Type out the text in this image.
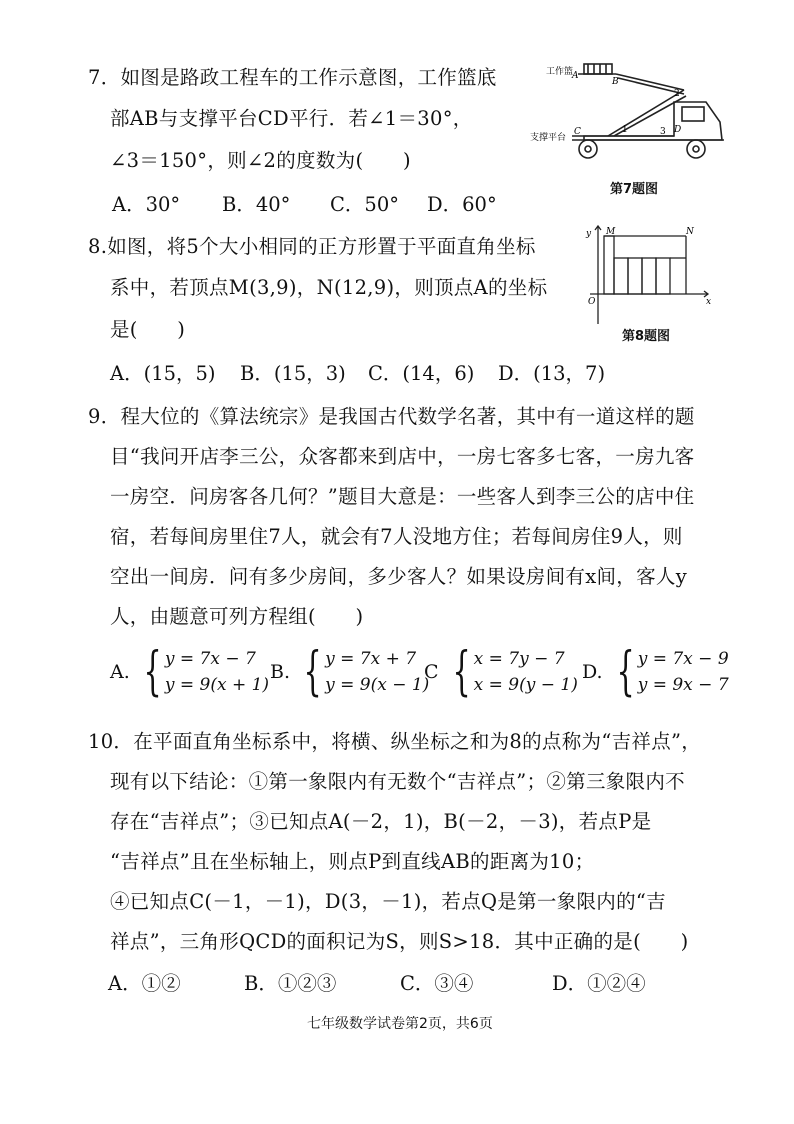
7．如图是路政工程车的工作示意图，工作篮底
部AB与支撑平台CD平行．若∠1＝30°，
∠3＝150°，则∠2的度数为(　　)
A．30° B．40° C．50° D．60°
工作篮
A
B
支撑平台
C	D
1
2
3
第7题图
8.如图，将5个大小相同的正方形置于平面直角坐标
系中，若顶点M(3,9)，N(12,9)，则顶点A的坐标
是(　　)
A．(15，5) B．(15，3) C．(14，6) D．(13，7)
y
x
M	N
O
第8题图
9．程大位的《算法统宗》是我国古代数学名著，其中有一道这样的题
目“我问开店李三公，众客都来到店中，一房七客多七客，一房九客
一房空．问房客各几何？”题目大意是：一些客人到李三公的店中住
宿，若每间房里住7人，就会有7人没地方住；若每间房住9人，则
空出一间房．问有多少房间，多少客人？如果设房间有x间，客人y
人，由题意可列方程组(　　)
A. { y = 7x − 7
y = 9(x + 1)
B. { y = 7x + 7
y = 9(x − 1)
C { x = 7y − 7
x = 9(y − 1)
D. { y = 7x − 9
y = 9x − 7
10．在平面直角坐标系中，将横、纵坐标之和为8的点称为“吉祥点”，
现有以下结论：①第一象限内有无数个“吉祥点”；②第三象限内不
存在“吉祥点”；③已知点A(－2，1)，B(－2，－3)，若点P是
“吉祥点”且在坐标轴上，则点P到直线AB的距离为10；
④已知点C(－1，－1)，D(3，－1)，若点Q是第一象限内的“吉
祥点”，三角形QCD的面积记为S，则S>18．其中正确的是(　　)
A．①②	B．①②③	C．③④	D．①②④
七年级数学试卷第2页，共6页
